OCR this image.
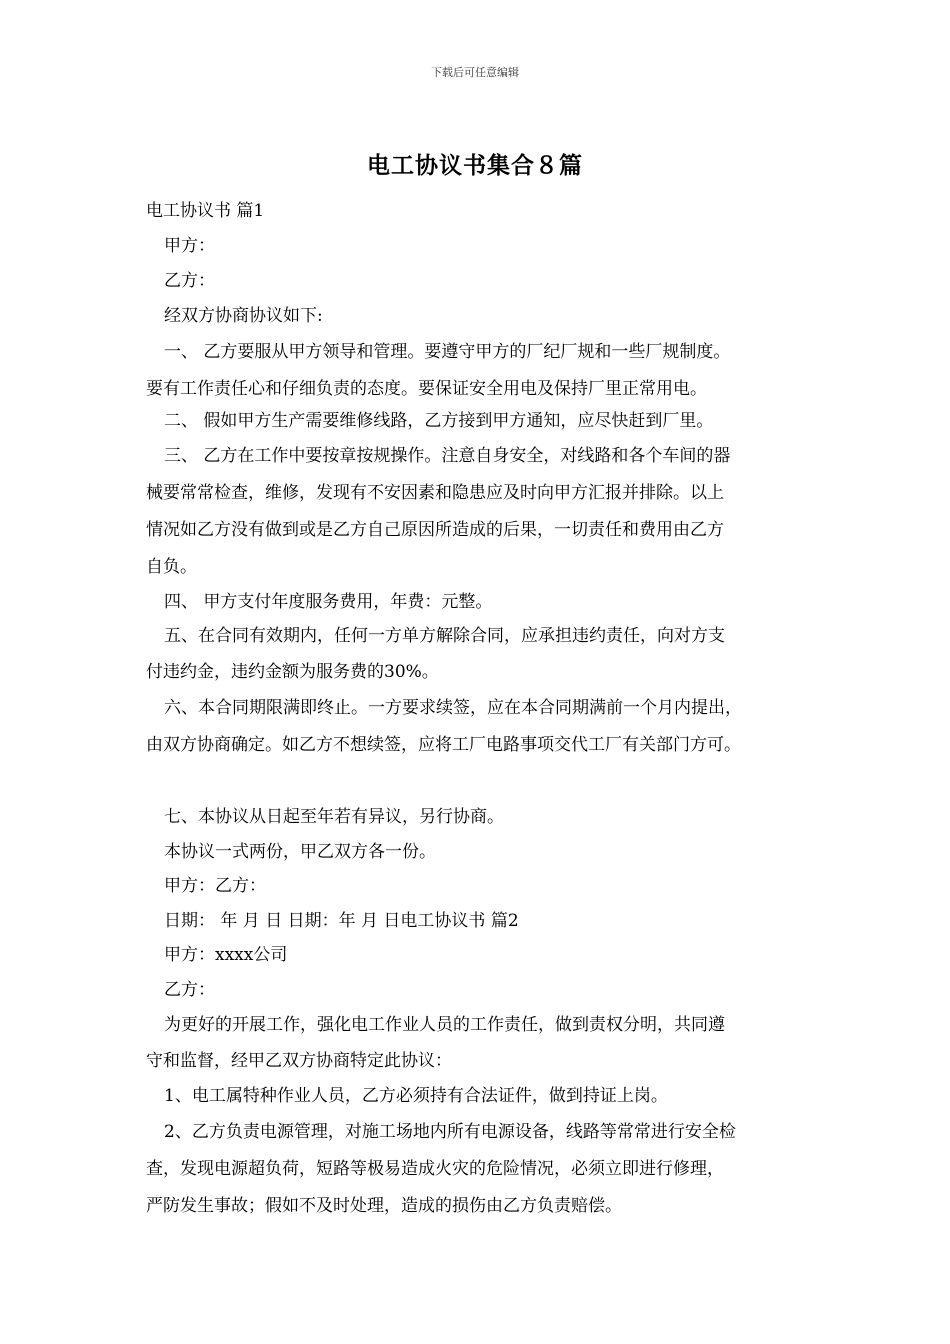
下载后可任意编辑
电工协议书集合８篇
电工协议书 篇1
甲方：
乙方：
经双方协商协议如下:
一、 乙方要服从甲方领导和管理。要遵守甲方的厂纪厂规和一些厂规制度。
要有工作责任心和仔细负责的态度。要保证安全用电及保持厂里正常用电。
二、 假如甲方生产需要维修线路，乙方接到甲方通知，应尽快赶到厂里。
三、 乙方在工作中要按章按规操作。注意自身安全，对线路和各个车间的器
械要常常检查，维修，发现有不安因素和隐患应及时向甲方汇报并排除。以上
情况如乙方没有做到或是乙方自己原因所造成的后果，一切责任和费用由乙方
自负。
四、 甲方支付年度服务费用，年费：元整。
五、在合同有效期内，任何一方单方解除合同，应承担违约责任，向对方支
付违约金，违约金额为服务费的30%。
六、本合同期限满即终止。一方要求续签，应在本合同期满前一个月内提出，
由双方协商确定。如乙方不想续签，应将工厂电路事项交代工厂有关部门方可。
七、本协议从日起至年若有异议，另行协商。
本协议一式两份，甲乙双方各一份。
甲方：乙方：
日期： 年 月 日 日期：年 月 日电工协议书 篇2
甲方：xxxx公司
乙方：
为更好的开展工作，强化电工作业人员的工作责任，做到责权分明，共同遵
守和监督，经甲乙双方协商特定此协议：
1、电工属特种作业人员，乙方必须持有合法证件，做到持证上岗。
2、乙方负责电源管理，对施工场地内所有电源设备，线路等常常进行安全检
查，发现电源超负荷，短路等极易造成火灾的危险情况，必须立即进行修理，
严防发生事故；假如不及时处理，造成的损伤由乙方负责赔偿。
